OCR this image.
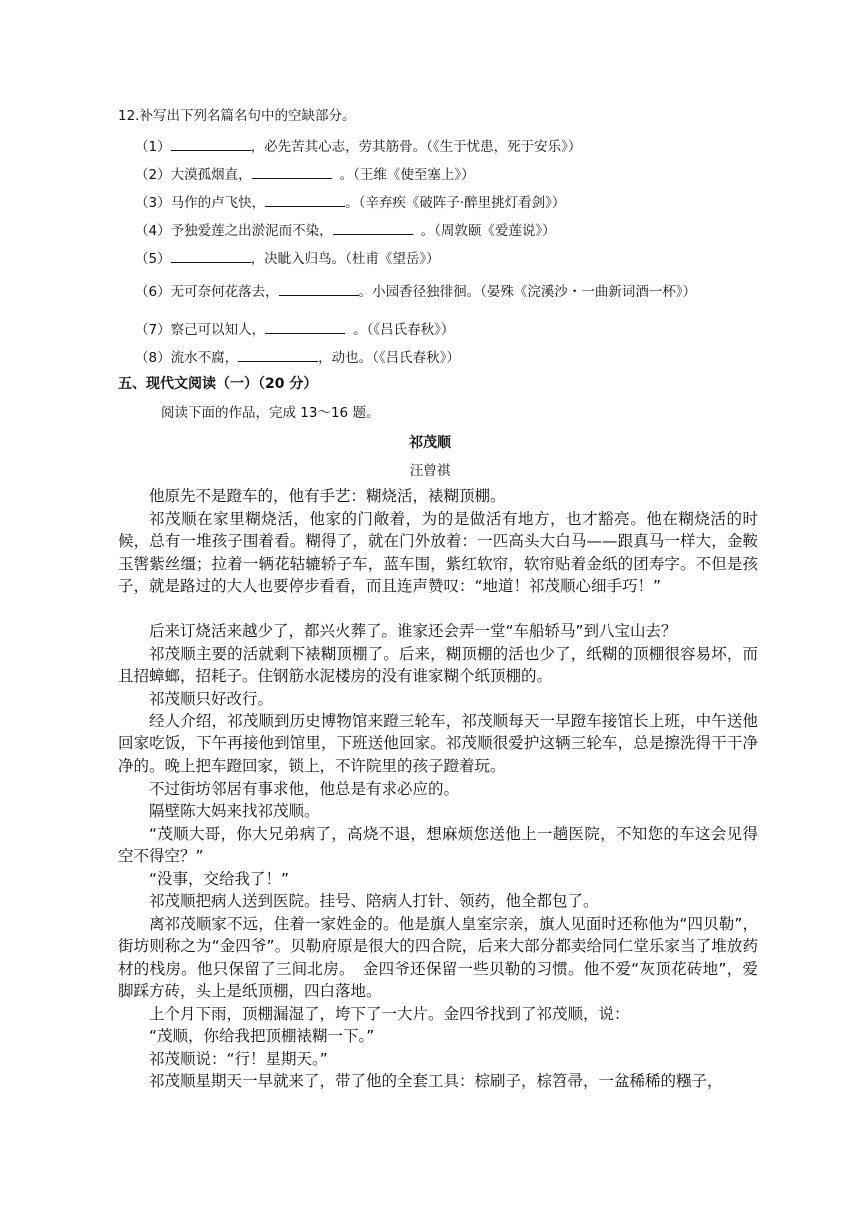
12.补写出下列名篇名句中的空缺部分。
（1）	，必先苦其心志，劳其筋骨。（《生于忧患，死于安乐》）
（2）大漠孤烟直，	。（王维《使至塞上》）
（3）马作的卢飞快，	。（辛弃疾《破阵子·醉里挑灯看剑》）
（4）予独爱莲之出淤泥而不染，	。（周敦颐《爱莲说》）
（5）	，决眦入归鸟。（杜甫《望岳》）
（6）无可奈何花落去，	。小园香径独徘徊。（晏殊《浣溪沙・一曲新词酒一杯》）
（7）察己可以知人，	。（《吕氏春秋》）
（8）流水不腐，	，动也。（《吕氏春秋》）
五、现代文阅读（一）（20 分）
阅读下面的作品，完成 13～16 题。
祁茂顺
汪曾祺

他原先不是蹬车的，他有手艺：糊烧活，裱糊顶棚。

祁茂顺在家里糊烧活，他家的门敞着，为的是做活有地方，也才豁亮。他在糊烧活的时候，总有一堆孩子围着看。糊得了，就在门外放着：一匹高头大白马——跟真马一样大，金鞍玉辔紫丝缰；拉着一辆花轱辘轿子车，蓝车围，紫红软帘，软帘贴着金纸的团寿字。不但是孩子，就是路过的大人也要停步看看，而且连声赞叹：“地道！祁茂顺心细手巧！”

后来订烧活来越少了，都兴火葬了。谁家还会弄一堂“车船轿马”到八宝山去？

祁茂顺主要的活就剩下裱糊顶棚了。后来，糊顶棚的活也少了，纸糊的顶棚很容易坏，而且招蟑螂，招耗子。住钢筋水泥楼房的没有谁家糊个纸顶棚的。

祁茂顺只好改行。

经人介绍，祁茂顺到历史博物馆来蹬三轮车，祁茂顺每天一早蹬车接馆长上班，中午送他回家吃饭，下午再接他到馆里，下班送他回家。祁茂顺很爱护这辆三轮车，总是擦洗得干干净净的。晚上把车蹬回家，锁上，不许院里的孩子蹬着玩。

不过街坊邻居有事求他，他总是有求必应的。

隔壁陈大妈来找祁茂顺。

“茂顺大哥，你大兄弟病了，高烧不退，想麻烦您送他上一趟医院，不知您的车这会见得空不得空？”

“没事，交给我了！”

祁茂顺把病人送到医院。挂号、陪病人打针、领药，他全都包了。

离祁茂顺家不远，住着一家姓金的。他是旗人皇室宗亲，旗人见面时还称他为“四贝勒”，街坊则称之为“金四爷”。贝勒府原是很大的四合院，后来大部分都卖给同仁堂乐家当了堆放药材的栈房。他只保留了三间北房。　金四爷还保留一些贝勒的习惯。他不爱“灰顶花砖地”，爱脚踩方砖，头上是纸顶棚，四白落地。

上个月下雨，顶棚漏湿了，垮下了一大片。金四爷找到了祁茂顺，说：

“茂顺，你给我把顶棚裱糊一下。”

祁茂顺说：“行！星期天。”

祁茂顺星期天一早就来了，带了他的全套工具：棕刷子，棕笤帚，一盆稀稀的糨子，
